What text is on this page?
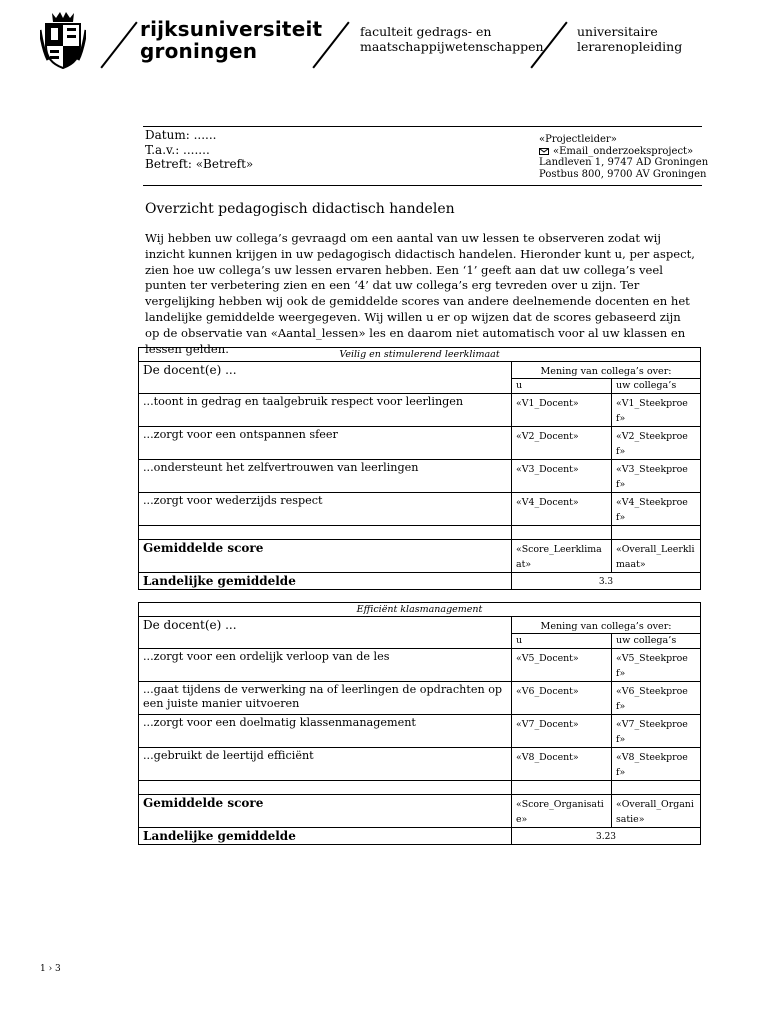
rijksuniversiteit
groningen
faculteit gedrags- en
maatschappijwetenschappen
universitaire
lerarenopleiding
Datum: ......
T.a.v.: .......
Betreft: «Betreft»
«Projectleider»
«Email_onderzoeksproject»
Landleven 1, 9747 AD Groningen
Postbus 800, 9700 AV Groningen
Overzicht pedagogisch didactisch handelen
Wij hebben uw collega’s gevraagd om een aantal van uw lessen te observeren zodat wij inzicht kunnen krijgen in uw pedagogisch didactisch handelen. Hieronder kunt u, per aspect, zien hoe uw collega’s uw lessen ervaren hebben. Een ‘1’ geeft aan dat uw collega’s veel punten ter verbetering zien en een ‘4’ dat uw collega’s erg tevreden over u zijn. Ter vergelijking hebben wij ook de gemiddelde scores van andere deelnemende docenten en het landelijke gemiddelde weergegeven. Wij willen u er op wijzen dat de scores gebaseerd zijn op de observatie van «Aantal_lessen» les en daarom niet automatisch voor al uw klassen en lessen gelden.	Veilig en stimulerend leerklimaat		
De docent(e) ...	Mening van collega’s over:	
	u	uw collega’s
...toont in gedrag en taalgebruik respect voor leerlingen	«V1_Docent»	«V1_Steekproef»
...zorgt voor een ontspannen sfeer	«V2_Docent»	«V2_Steekproef»
...ondersteunt het zelfvertrouwen van leerlingen	«V3_Docent»	«V3_Steekproef»
...zorgt voor wederzijds respect	«V4_Docent»	«V4_Steekproef»

Gemiddelde score	«Score_Leerklimaat»	«Overall_Leerklimaat»
Landelijke gemiddelde	3.3	
Efficiënt klasmanagement		
De docent(e) ...	Mening van collega’s over:	
	u	uw collega’s
...zorgt voor een ordelijk verloop van de les	«V5_Docent»	«V5_Steekproef»
...gaat tijdens de verwerking na of leerlingen de opdrachten op een juiste manier uitvoeren	«V6_Docent»	«V6_Steekproef»
...zorgt voor een doelmatig klassenmanagement	«V7_Docent»	«V7_Steekproef»
...gebruikt de leertijd efficiënt	«V8_Docent»	«V8_Steekproef»

Gemiddelde score	«Score_Organisatie»	«Overall_Organisatie»
Landelijke gemiddelde	3.23	
1 › 3
